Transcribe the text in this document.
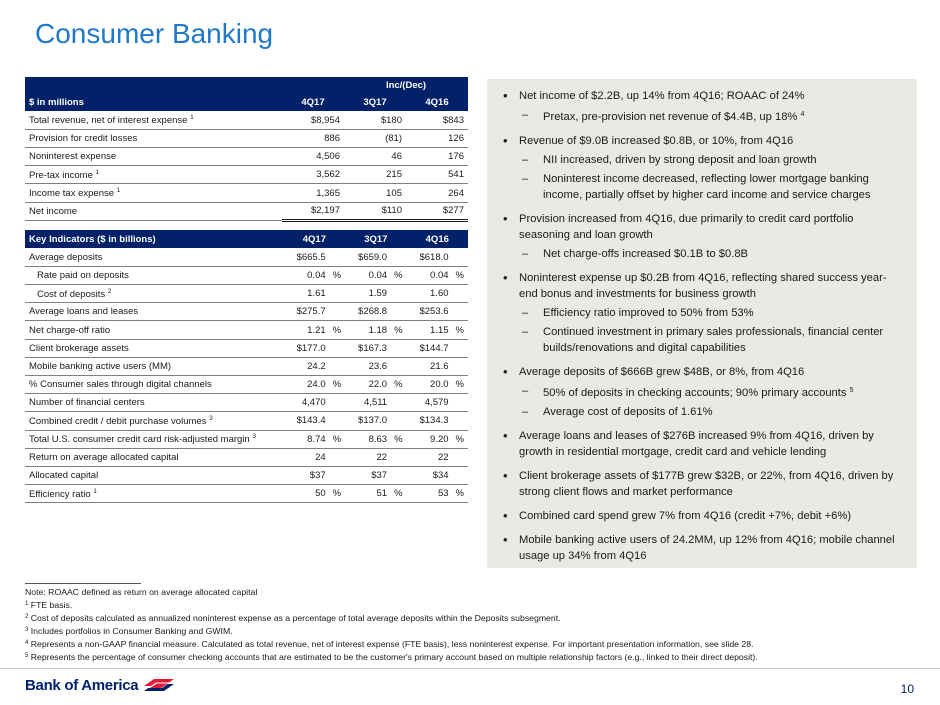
Consumer Banking
		Inc/(Dec)	
$ in millions	4Q17	3Q17	4Q16
Total revenue, net of interest expense $^1$	$8,954	$180	$843
Provision for credit losses	886	(81)	126
Noninterest expense	4,506	46	176
Pre-tax income $^1$	3,562	215	541
Income tax expense $^1$	1,365	105	264
Net income	$2,197	$110	$277
Key Indicators ($ in billions)	4Q17		3Q17		4Q16	
Average deposits	$665.5		$659.0		$618.0	
Rate paid on deposits	0.04	%	0.04	%	0.04	%
Cost of deposits $^2$	1.61		1.59		1.60	
Average loans and leases	$275.7		$268.8		$253.6	
Net charge-off ratio	1.21	%	1.18	%	1.15	%
Client brokerage assets	$177.0		$167.3		$144.7	
Mobile banking active users (MM)	24.2		23.6		21.6	
% Consumer sales through digital channels	24.0	%	22.0	%	20.0	%
Number of financial centers	4,470		4,511		4,579	
Combined credit / debit purchase volumes $^3$	$143.4		$137.0		$134.3	
Total U.S. consumer credit card risk-adjusted margin $^3$	8.74	%	8.63	%	9.20	%
Return on average allocated capital	24		22		22	
Allocated capital	$37		$37		$34	
Efficiency ratio $^1$	50	%	51	%	53	%
• Net income of $2.2B, up 14% from 4Q16; ROAAC of 24%
– Pretax, pre-provision net revenue of $4.4B, up 18% $^4$
• Revenue of $9.0B increased $0.8B, or 10%, from 4Q16
– NII increased, driven by strong deposit and loan growth
– Noninterest income decreased, reflecting lower mortgage banking income, partially offset by higher card income and service charges
• Provision increased from 4Q16, due primarily to credit card portfolio seasoning and loan growth
– Net charge-offs increased $0.1B to $0.8B
• Noninterest expense up $0.2B from 4Q16, reflecting shared success year-end bonus and investments for business growth
– Efficiency ratio improved to 50% from 53%
– Continued investment in primary sales professionals, financial center builds/renovations and digital capabilities
• Average deposits of $666B grew $48B, or 8%, from 4Q16
– 50% of deposits in checking accounts; 90% primary accounts $^5$
– Average cost of deposits of 1.61%
• Average loans and leases of $276B increased 9% from 4Q16, driven by growth in residential mortgage, credit card and vehicle lending
• Client brokerage assets of $177B grew $32B, or 22%, from 4Q16, driven by strong client flows and market performance
• Combined card spend grew 7% from 4Q16 (credit +7%, debit +6%)
• Mobile banking active users of 24.2MM, up 12% from 4Q16; mobile channel usage up 34% from 4Q16
Note: ROAAC defined as return on average allocated capital
$^1$ FTE basis.
$^2$ Cost of deposits calculated as annualized noninterest expense as a percentage of total average deposits within the Deposits subsegment.
$^3$ Includes portfolios in Consumer Banking and GWIM.
$^4$ Represents a non-GAAP financial measure. Calculated as total revenue, net of interest expense (FTE basis), less noninterest expense. For important presentation information, see slide 28.
$^5$ Represents the percentage of consumer checking accounts that are estimated to be the customer's primary account based on multiple relationship factors (e.g., linked to their direct deposit).
Bank of America	10
